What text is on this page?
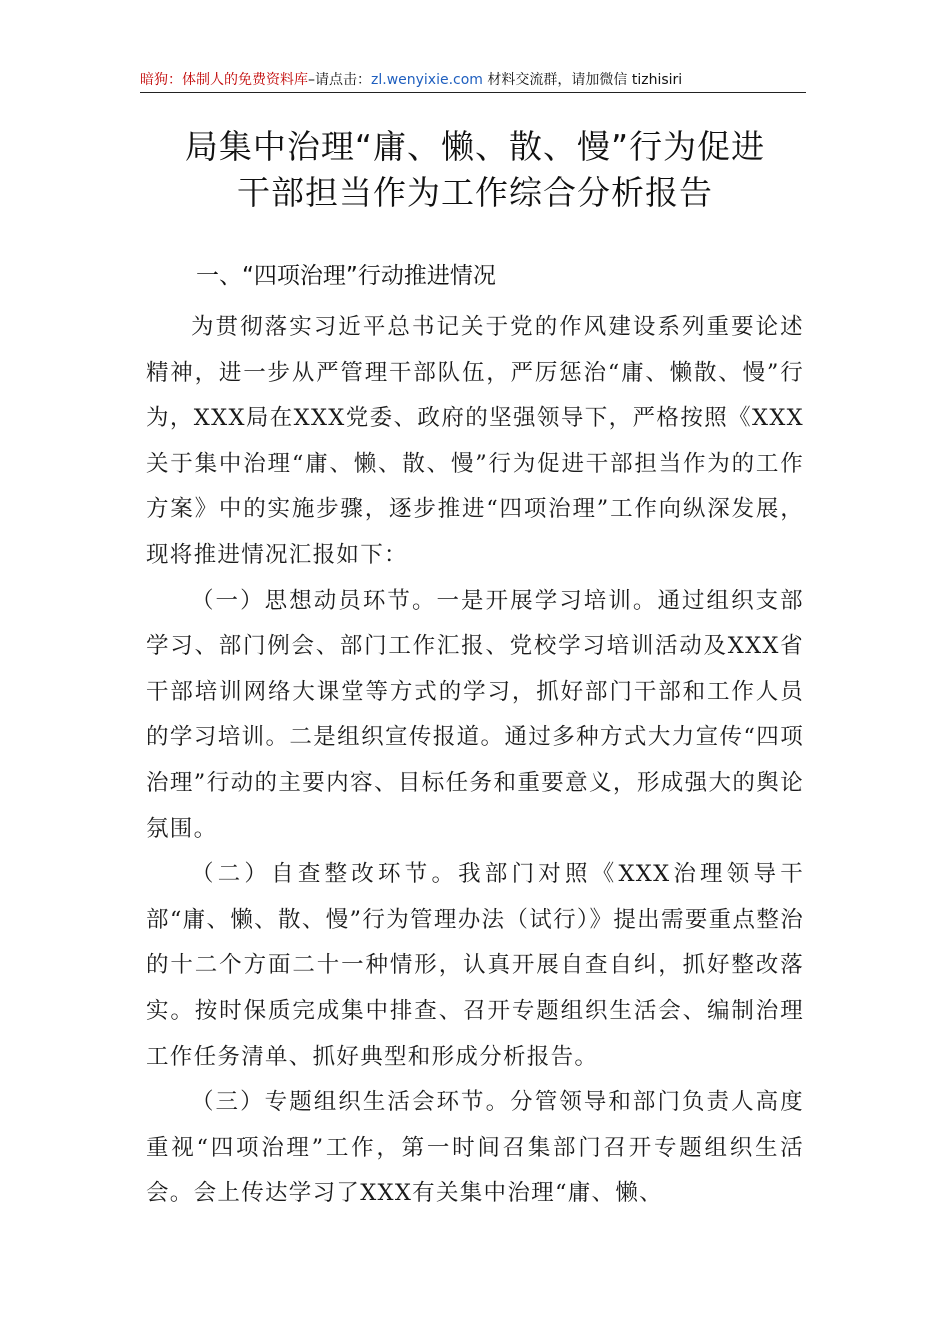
暗狗：体制人的免费资料库–请点击：zl.wenyixie.com 材料交流群，请加微信 tizhisiri
局集中治理“庸、懒、散、慢”行为促进
干部担当作为工作综合分析报告
一、“四项治理”行动推进情况

为贯彻落实习近平总书记关于党的作风建设系列重要论述精神，进一步从严管理干部队伍，严厉惩治“庸、懒散、慢”行为，XXX局在XXX党委、政府的坚强领导下，严格按照《XXX关于集中治理“庸、懒、散、慢”行为促进干部担当作为的工作方案》中的实施步骤，逐步推进“四项治理”工作向纵深发展，现将推进情况汇报如下：

（一）思想动员环节。一是开展学习培训。通过组织支部学习、部门例会、部门工作汇报、党校学习培训活动及XXX省干部培训网络大课堂等方式的学习，抓好部门干部和工作人员的学习培训。二是组织宣传报道。通过多种方式大力宣传“四项治理”行动的主要内容、目标任务和重要意义，形成强大的舆论氛围。

（二）自查整改环节。我部门对照《XXX治理领导干部“庸、懒、散、慢”行为管理办法（试行）》提出需要重点整治的十二个方面二十一种情形，认真开展自查自纠，抓好整改落实。按时保质完成集中排查、召开专题组织生活会、编制治理工作任务清单、抓好典型和形成分析报告。

（三）专题组织生活会环节。分管领导和部门负责人高度重视“四项治理”工作，第一时间召集部门召开专题组织生活会。会上传达学习了XXX有关集中治理“庸、懒、
